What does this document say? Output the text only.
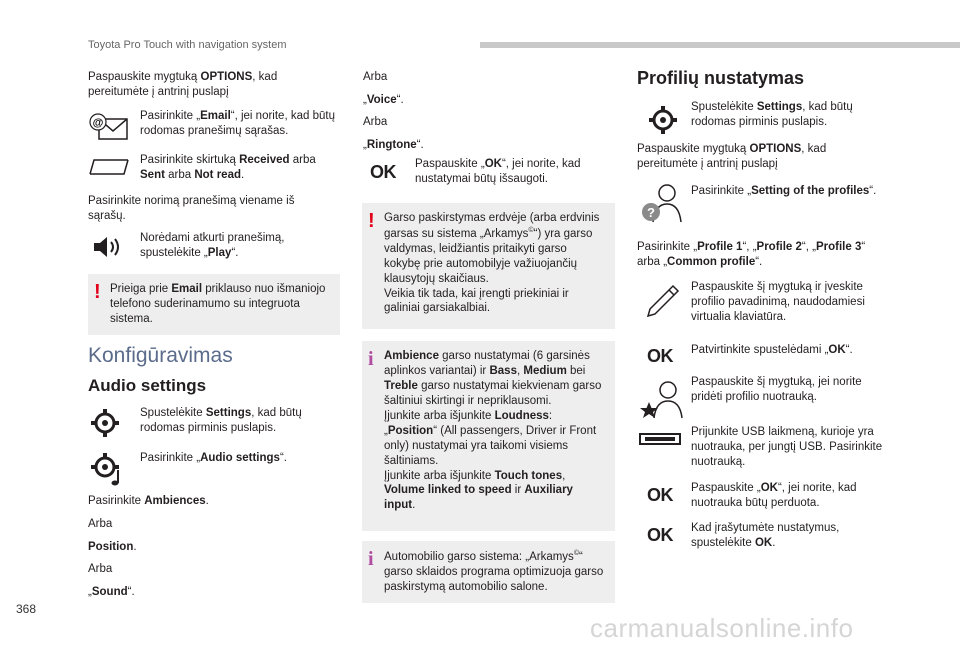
Toyota Pro Touch with navigation system

Paspauskite mygtuką OPTIONS, kad pereitumėte į antrinį puslapį

@

Pasirinkite „Email“, jei norite, kad būtų rodomas pranešimų sąrašas.

Pasirinkite skirtuką Received arba
Sent arba Not read.

Pasirinkite norimą pranešimą viename iš sąrašų.

Norėdami atkurti pranešimą, spustelėkite „Play“.

! Prieiga prie Email priklauso nuo išmaniojo telefono suderinamumo su integruota sistema.
Konfigūravimas
Audio settings

Spustelėkite Settings, kad būtų rodomas pirminis puslapis.

Pasirinkite „Audio settings“.

Pasirinkite Ambiences.

Arba

Position.

Arba

„Sound“.

Arba

„Voice“.

Arba

„Ringtone“.

OK Paspauskite „OK“, jei norite, kad nustatymai būtų išsaugoti.

! Garso paskirstymas erdvėje (arba erdvinis garsas su sistema „Arkamys©“) yra garso valdymas, leidžiantis pritaikyti garso kokybę prie automobilyje važiuojančių klausytojų skaičiaus.
Veikia tik tada, kai įrengti priekiniai ir galiniai garsiakalbiai.
i Ambience garso nustatymai (6 garsinės aplinkos variantai) ir Bass, Medium bei Treble garso nustatymai kiekvienam garso šaltiniui skirtingi ir nepriklausomi.
Įjunkite arba išjunkite Loudness:
„Position“ (All passengers, Driver ir Front only) nustatymai yra taikomi visiems šaltiniams.
Įjunkite arba išjunkite Touch tones,
Volume linked to speed ir Auxiliary input.
i Automobilio garso sistema: „Arkamys©“ garso sklaidos programa optimizuoja garso paskirstymą automobilio salone.
Profilių nustatymas

Spustelėkite Settings, kad būtų rodomas pirminis puslapis.

Paspauskite mygtuką OPTIONS, kad pereitumėte į antrinį puslapį

?

Pasirinkite „Setting of the profiles“.

Pasirinkite „Profile 1“, „Profile 2“, „Profile 3“ arba „Common profile“.

Paspauskite šį mygtuką ir įveskite profilio pavadinimą, naudodamiesi virtualia klaviatūra.

OK Patvirtinkite spustelėdami „OK“.

Paspauskite šį mygtuką, jei norite pridėti profilio nuotrauką.

Prijunkite USB laikmeną, kurioje yra nuotrauka, per jungtį USB. Pasirinkite nuotrauką.

OK Paspauskite „OK“, jei norite, kad nuotrauka būtų perduota.

OK Kad įrašytumėte nustatymus, spustelėkite OK.

368
carmanualsonline.info
